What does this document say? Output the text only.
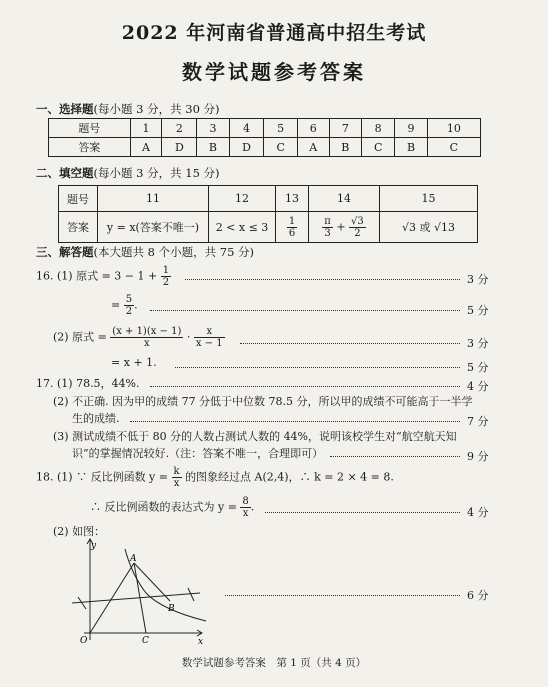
2022 年河南省普通高中招生考试
数学试题参考答案
一、选择题(每小题 3 分，共 30 分)
题号	1	2	3	4	5	6	7	8	9	10
答案	A	D	B	D	C	A	B	C	B	C
二、填空题(每小题 3 分，共 15 分)
题号	11	12	13	14	15
答案	y = x(答案不唯一)	2 < x ≤ 3	$\frac{1}{6}$	$\frac{\pi}{3} + \frac{√3}{2}$	√3 或 √13
三、解答题(本大题共 8 个小题，共 75 分)
16. (1) 原式 = $3 - 1 + \frac{1}{2}$	3 分
= $\frac{5}{2}$ .	5 分
(2) 原式 = $\frac{(x + 1)(x - 1)}{x} \cdot \frac{x}{x - 1}$	3 分
= x + 1.	5 分
17. (1) 78.5，44%.	4 分
(2) 不正确. 因为甲的成绩 77 分低于中位数 78.5 分，所以甲的成绩不可能高于一半学
生的成绩.	7 分
(3) 测试成绩不低于 80 分的人数占测试人数的 44%，说明该校学生对“航空航天知
识”的掌握情况较好.（注：答案不唯一，合理即可）	9 分
18. (1) ∵ 反比例函数 $y = \frac{k}{x}$ 的图象经过点 A(2,4)，∴ k = 2 × 4 = 8.
∴ 反比例函数的表达式为 $y = \frac{8}{x}$ .	4 分
(2) 如图：
y
x
O
A
B
C
6 分
数学试题参考答案　第 1 页（共 4 页）
